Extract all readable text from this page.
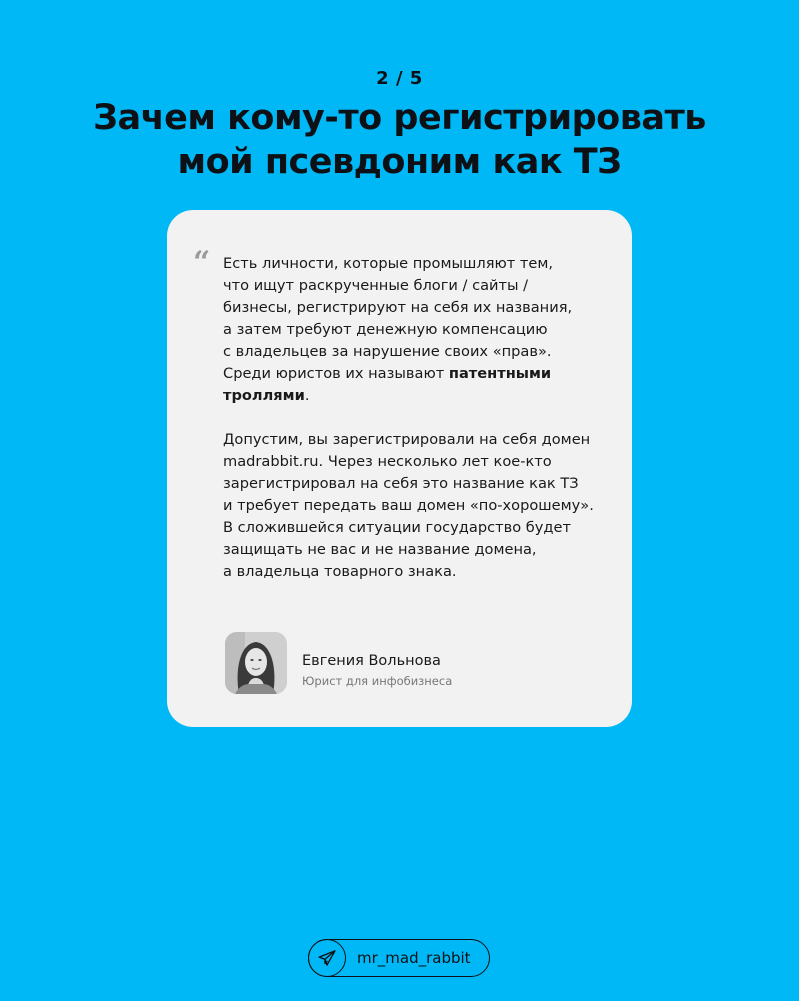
2 / 5
Зачем кому-то регистрировать
мой псевдоним как ТЗ
“ Есть личности, которые промышляют тем,
что ищут раскрученные блоги / сайты /
бизнесы, регистрируют на себя их названия,
а затем требуют денежную компенсацию
с владельцев за нарушение своих «прав».
Среди юристов их называют патентными
троллями.

Допустим, вы зарегистрировали на себя домен
madrabbit.ru. Через несколько лет кое-кто
зарегистрировал на себя это название как ТЗ
и требует передать ваш домен «по-хорошему».
В сложившейся ситуации государство будет
защищать не вас и не название домена,
а владельца товарного знака.

Евгения Вольнова
Юрист для инфобизнеса
mr_mad_rabbit
